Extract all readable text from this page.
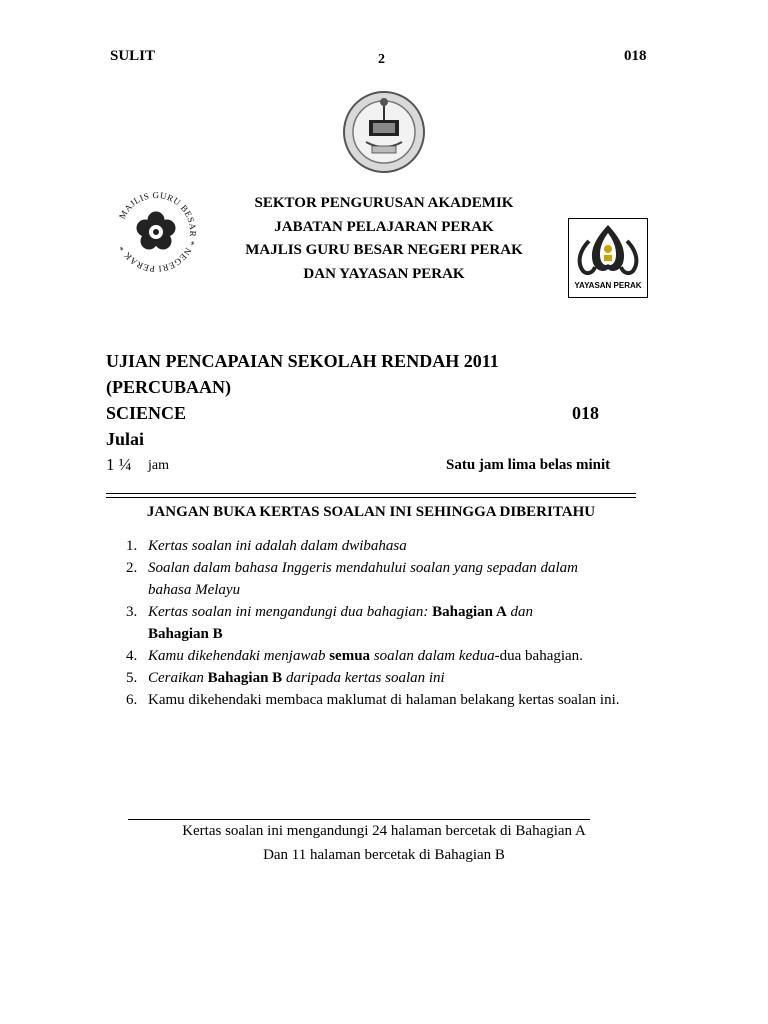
SULIT	2	018
MAJLIS GURU BESAR * NEGERI PERAK *
SEKTOR PENGURUSAN AKADEMIK
JABATAN PELAJARAN PERAK
MAJLIS GURU BESAR NEGERI PERAK
DAN YAYASAN PERAK
YAYASAN PERAK
UJIAN PENCAPAIAN SEKOLAH RENDAH 2011
(PERCUBAAN)
SCIENCE	018
Julai
1 ¼ jam	Satu jam lima belas minit
JANGAN BUKA KERTAS SOALAN INI SEHINGGA DIBERITAHU
1. Kertas soalan ini adalah dalam dwibahasa
2. Soalan dalam bahasa Inggeris mendahului soalan yang sepadan dalam
bahasa Melayu
3. Kertas soalan ini mengandungi dua bahagian: Bahagian A dan
Bahagian B
4. Kamu dikehendaki menjawab semua soalan dalam kedua-dua bahagian.
5. Ceraikan Bahagian B daripada kertas soalan ini
6. Kamu dikehendaki membaca maklumat di halaman belakang kertas soalan ini.
Kertas soalan ini mengandungi 24 halaman bercetak di Bahagian A
Dan 11 halaman bercetak di Bahagian B
